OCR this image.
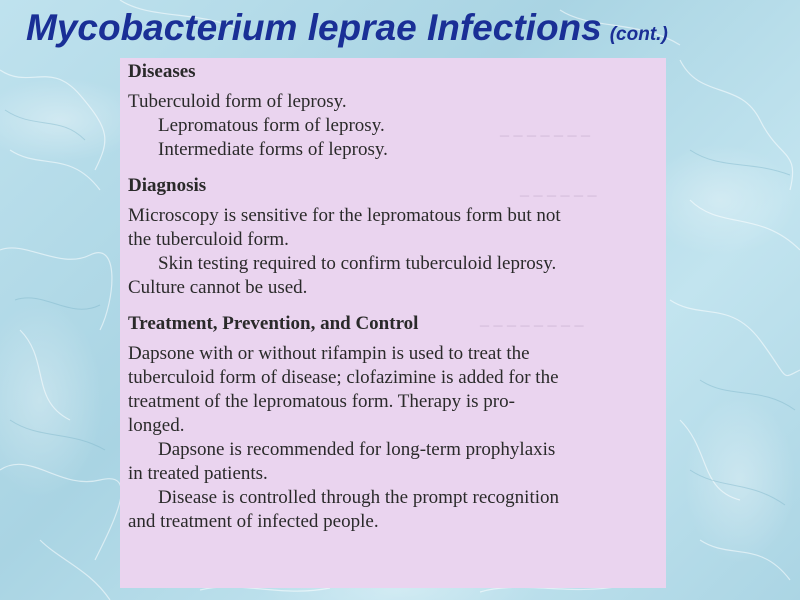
Mycobacterium leprae Infections (cont.)
_ _ _ _ _ _ _
_ _ _ _ _ _
_ _ _ _ _ _ _ _

Diseases

Tuberculoid form of leprosy.

Lepromatous form of leprosy.

Intermediate forms of leprosy.

Diagnosis

Microscopy is sensitive for the lepromatous form but not

the tuberculoid form.

Skin testing required to confirm tuberculoid leprosy.

Culture cannot be used.

Treatment, Prevention, and Control

Dapsone with or without rifampin is used to treat the

tuberculoid form of disease; clofazimine is added for the

treatment of the lepromatous form. Therapy is pro-

longed.

Dapsone is recommended for long-term prophylaxis

in treated patients.

Disease is controlled through the prompt recognition

and treatment of infected people.
